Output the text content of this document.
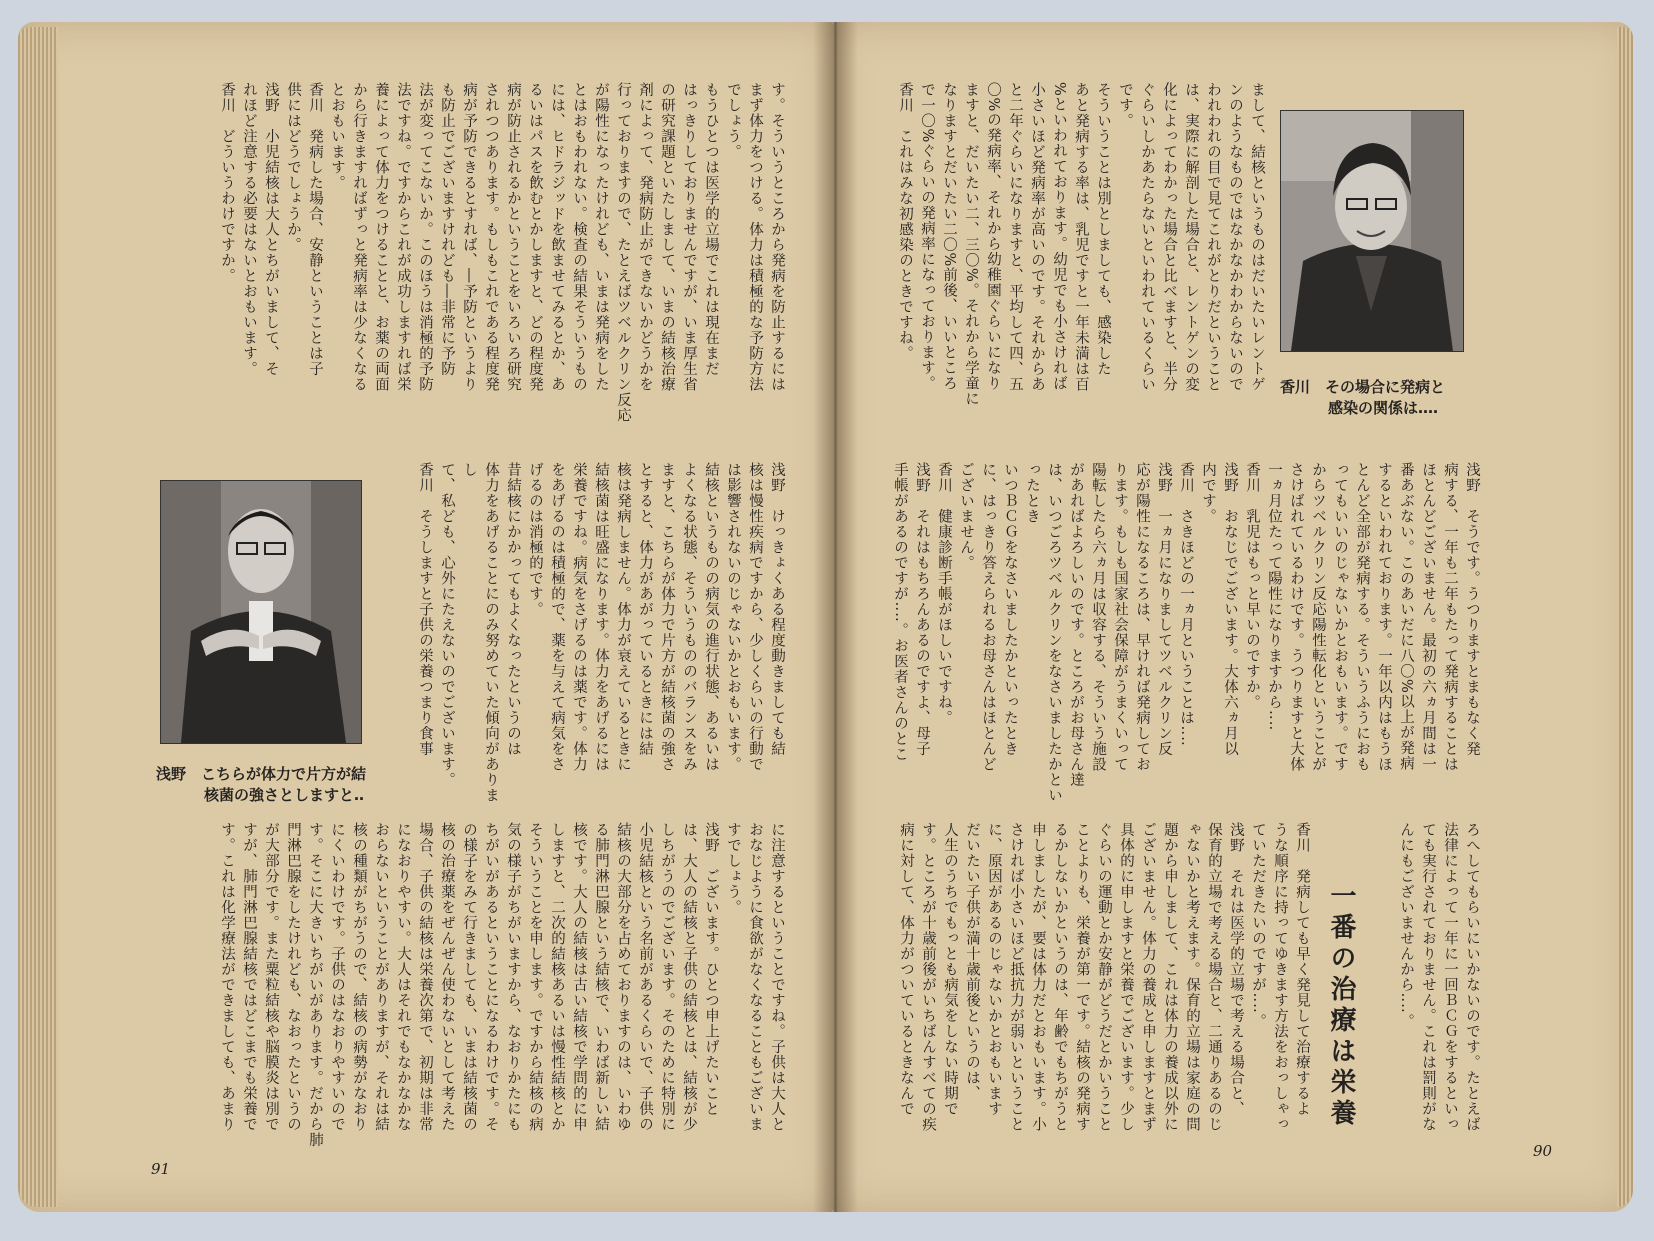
す。そういうところから発病を防止するには
まず体力をつける。体力は積極的な予防方法
でしょう。
もうひとつは医学的立場でこれは現在まだ
はっきりしておりませんですが、いま厚生省
の研究課題といたしまして、いまの結核治療
剤によって、発病防止ができないかどうかを
行っておりますので、たとえばツベルクリン反応
が陽性になったけれども、いまは発病をした
とはおもわれない。検査の結果そういうもの
には、ヒドラジッドを飲ませてみるとか、あ
るいはパスを飲むとかしますと、どの程度発
病が防止されるかということをいろいろ研究
されつつあります。もしもこれである程度発
病が予防できるとすれば、―予防というより
も防止でございますけれども―非常に予防
法が変ってこないか。このほうは消極的予防
法ですね。ですからこれが成功しますれば栄
養によって体力をつけることと、お薬の両面
から行きますればずっと発病率は少なくなる
とおもいます。
香川　発病した場合、安静ということは子
供にはどうでしょうか。
浅野　小児結核は大人とちがいまして、そ
れほど注意する必要はないとおもいます。
香川　どういうわけですか。
浅野　けっきょくある程度動きましても結
核は慢性疾病ですから、少しくらいの行動で
は影響されないのじゃないかとおもいます。
結核というものの病気の進行状態、あるいは
よくなる状態、そういうもののバランスをみ
ますと、こちらが体力で片方が結核菌の強さ
とすると、体力があがっているときには結
核は発病しません。体力が衰えているときに
結核菌は旺盛になります。体力をあげるには
栄養ですね。病気をさげるのは薬です。体力
をあげるのは積極的で、薬を与えて病気をさ
げるのは消極的です。
昔結核にかかってもよくなったというのは
体力をあげることにのみ努めていた傾向がありまし
て、私ども、心外にたえないのでございます。
香川　そうしますと子供の栄養つまり食事
浅野　こちらが体力で片方が結
核菌の強さとしますと‥
に注意するということですね。子供は大人と
おなじように食欲がなくなることもございま
すでしょう。
浅野　ございます。ひとつ申上げたいこと
は、大人の結核と子供の結核とは、結核が少
しちがうのでございます。そのために特別に
小児結核という名前があるくらいで、子供の
結核の大部分を占めておりますのは、いわゆ
る肺門淋巴腺という結核で、いわば新しい結
核です。大人の結核は古い結核で学問的に申
しますと、二次的結核あるいは慢性結核とか
そういうことを申します。ですから結核の病
気の様子がちがいますから、なおりかたにも
ちがいがあるということになるわけです。そ
の様子をみて行きましても、いまは結核菌の
核の治療薬をぜんぜん使わないとして考えた
場合、子供の結核は栄養次第で、初期は非常
になおりやすい。大人はそれでもなかなかな
おらないということがありますが、それは結
核の種類がちがうので、結核の病勢がなおり
にくいわけです。子供のはなおりやすいので
す。そこに大きいちがいがあります。だから肺
門淋巴腺をしたけれども、なおったというの
が大部分です。また粟粒結核や脳膜炎は別で
すが、肺門淋巴腺結核ではどこまでも栄養で
す。これは化学療法ができましても、あまり
91
まして、結核というものはだいたいレントゲ
ンのようなものではなかなかわからないので
われわれの目で見てこれがとりだということ
は、実際に解剖した場合と、レントゲンの変
化によってわかった場合と比べますと、半分
ぐらいしかあたらないといわれているくらい
です。
そういうことは別としましても、感染した
あと発病する率は、乳児ですと一年未満は百
%といわれております。幼児でも小さければ
小さいほど発病率が高いのです。それからあ
と二年ぐらいになりますと、平均して四、五
〇%の発病率、それから幼稚園ぐらいになり
ますと、だいたい二、三〇%。それから学童に
なりますとだいたい二〇%前後、いいところ
で一〇%ぐらいの発病率になっております。
香川　これはみな初感染のときですね。
香川　その場合に発病と
感染の関係は‥‥
浅野　そうです。うつりますとまもなく発
病する、一年も二年もたって発病することは
ほとんどございません。最初の六ヵ月間は一
番あぶない。このあいだに八〇%以上が発病
するといわれております。一年以内はもうほ
とんど全部が発病する。そういうふうにおも
ってもいいのじゃないかとおもいます。です
からツベルクリン反応陽性転化ということが
さけばれているわけです。うつりますと大体
一ヵ月位たって陽性になりますから‥‥
香川　乳児はもっと早いのですか。
浅野　おなじでございます。大体六ヵ月以
内です。
香川　さきほどの一ヵ月ということは‥‥
浅野　一ヵ月になりましてツベルクリン反
応が陽性になるころは、早ければ発病してお
ります。もしも国家社会保障がうまくいって
陽転したら六ヵ月は収容する、そういう施設
があればよろしいのです。ところがお母さん達
は、いつごろツベルクリンをなさいましたかといったとき
いつＢＣＧをなさいましたかといったとき
に、はっきり答えられるお母さんはほとんど
ございません。
香川　健康診断手帳がほしいですね。
浅野　それはもちろんあるのですよ、母子
手帳があるのですが‥‥。お医者さんのとこ
ろへしてもらいにいかないのです。たとえば
法律によって一年に一回ＢＣＧをするといっ
ても実行されておりません。これは罰則がな
んにもございませんから‥‥。
一番の治療は栄養
香川　発病しても早く発見して治療するよ
うな順序に持ってゆきます方法をおっしゃっ
ていただきたいのですが‥‥。
浅野　それは医学的立場で考える場合と、
保育的立場で考える場合と、二通りあるのじ
ゃないかと考えます。保育的立場は家庭の問
題から申しまして、これは体力の養成以外に
ございません。体力の養成と申しますとまず
具体的に申しますと栄養でございます。少し
ぐらいの運動とか安静がどうだとかいうこと
ことよりも、栄養が第一です。結核の発病す
るかしないかというのは、年齢でもちがうと
申しましたが、要は体力だとおもいます。小
さければ小さいほど抵抗力が弱いということ
に、原因があるのじゃないかとおもいます
だいたい子供が満十歳前後というのは、
人生のうちでもっとも病気をしない時期で
す。ところが十歳前後がいちばんすべての疾
病に対して、体力がついているときなんで
90
